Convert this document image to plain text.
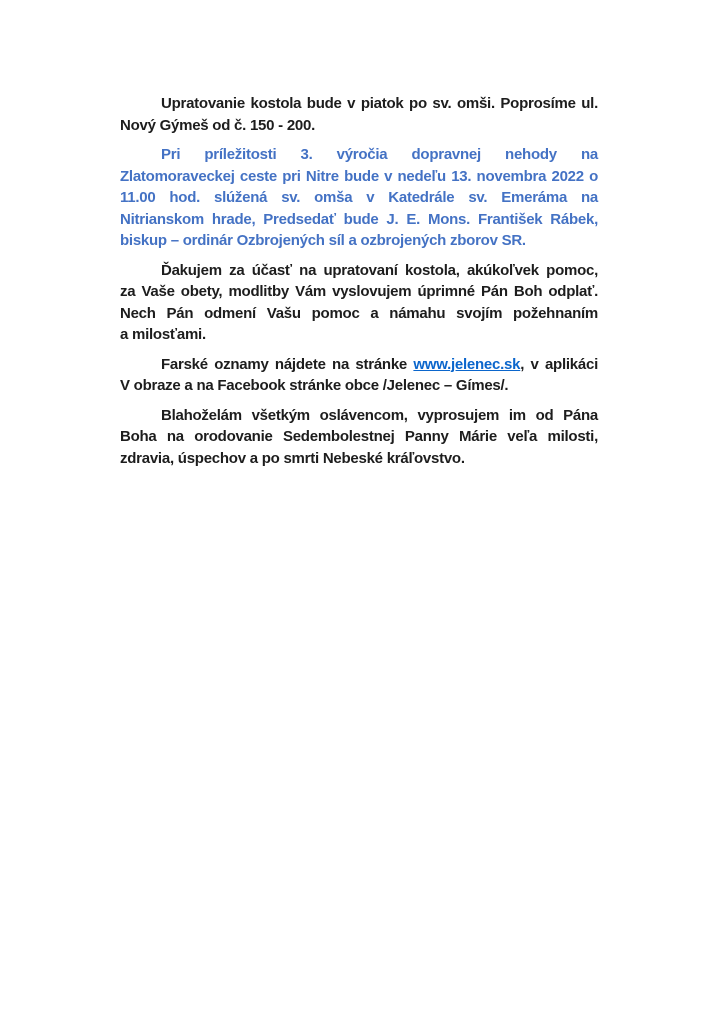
Upratovanie kostola bude v piatok po sv. omši. Poprosíme ul.
Nový Gýmeš od č. 150 - 200.
Pri príležitosti 3. výročia dopravnej nehody na
Zlatomoraveckej ceste pri Nitre bude v nedeľu 13. novembra 2022 o
11.00 hod. slúžená sv. omša v Katedrále sv. Emeráma na
Nitrianskom hrade, Predsedať bude J. E. Mons. František Rábek,
biskup – ordinár Ozbrojených síl a ozbrojených zborov SR.
Ďakujem za účasť na upratovaní kostola, akúkoľvek pomoc,
za Vaše obety, modlitby Vám vyslovujem úprimné Pán Boh odplať.
Nech Pán odmení Vašu pomoc a námahu svojím požehnaním
a milosťami.
Farské oznamy nájdete na stránke www.jelenec.sk, v aplikáci
V obraze a na Facebook stránke obce /Jelenec – Gímes/.
Blahoželám všetkým oslávencom, vyprosujem im od Pána
Boha na orodovanie Sedembolestnej Panny Márie veľa milosti,
zdravia, úspechov a po smrti Nebeské kráľovstvo.
